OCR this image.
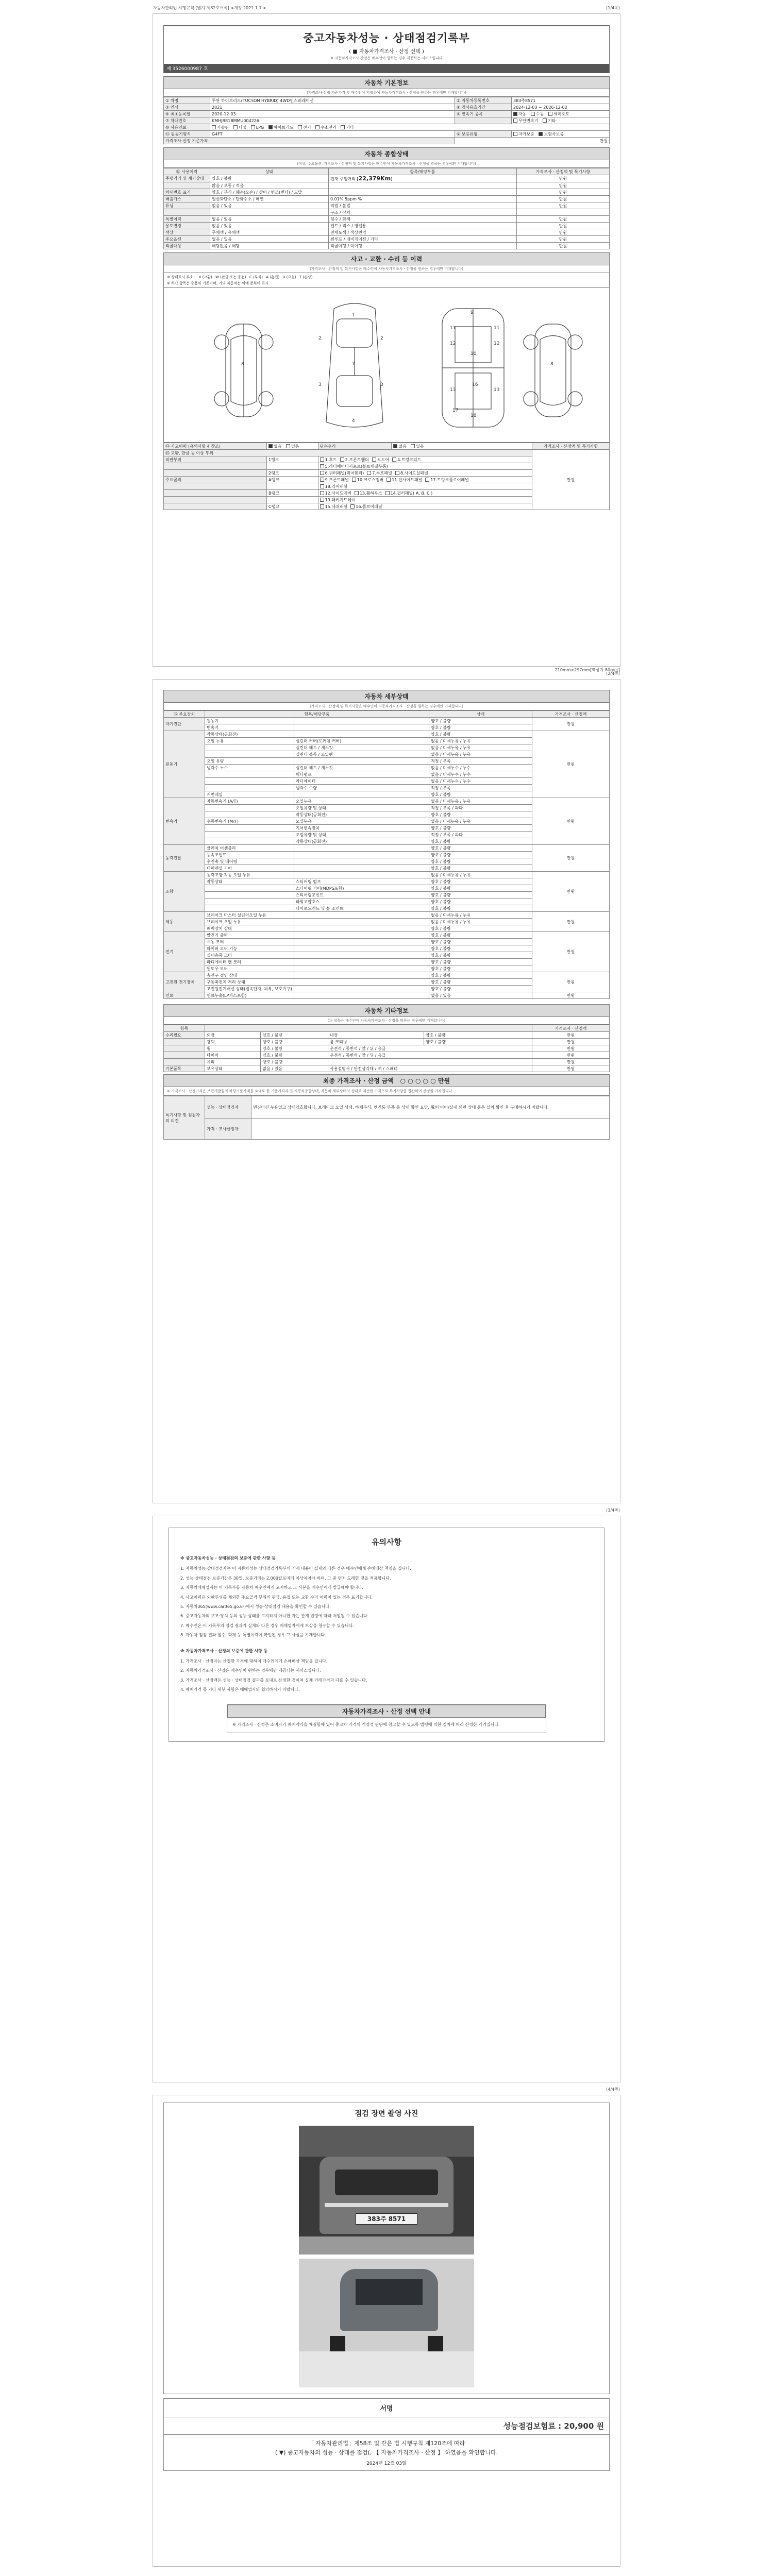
자동차관리법 시행규칙 [별지 제82호서식] <개정 2021.1.1.>	(1/4쪽)
중고자동차성능 · 상태점검기록부
( ■ 자동차가격조사 · 산정 선택 )
※ 자동차가격조사·산정은 매수인이 원하는 경우 제공하는 서비스입니다
제 3526000987 호
자동차 기본정보
(가격조사·산정 가준가격 및 매수인이 지정하여 자동차가격조사 · 산정을 원하는 경우에만 기재합니다)
① 차명	투싼 하이브리드(TUCSON HYBRID) 4WD인스퍼레이션	② 자동차등록번호	383주8571
③ 연식	2021	④ 검사유효기간	2024-12-03 ~ 2026-12-02
⑤ 최초등록일	2020-12-03	⑥ 변속기 종류	자동 수동 세미오토
⑦ 차대번호	KMHJB81BMMU004226		무단변속기 기타
⑩ 사용연료	가솔린 디젤 LPG 하이브리드 전기 수소전기 기타		
⑪ 원동기형식	G4FT	⑨ 보증유형	자가보증 보험사보증
가격조사·산정 기준가격		만원	
자동차 종합상태
(색상, 주요옵션, 가격조사 · 산정액 및 특기사항은 매수인이 자동차가격조사 · 산정을 원하는 경우에만 기재합니다)
⑫ 사용이력	상태	항목/해당부품	가격조사 · 산정액 및 특기사항
주행거리 및 계기상태	양호 / 불량	현재 주행거리 [22,379Km]	만원
	많음 / 보통 / 적음		만원
차대번호 표기	양호 / 부식 / 훼손(오손) / 상이 / 변조(변타) / 도말		만원
배출가스	일산화탄소 / 탄화수소 / 매연	0.01% 5ppm %	만원
튜닝	없음 / 있음	적법 / 불법	만원
		구조 / 장치	
특별이력	없음 / 있음	침수 / 화재	만원
용도변경	없음 / 있음	렌트 / 리스 / 영업용	만원
색상	무채색 / 유채색	전체도색 / 색상변경	만원
주요옵션	없음 / 있음	썬루프 / 네비게이션 / 기타	만원
리콜대상	해당없음 / 해당	리콜이행 / 미이행	만원
사고 · 교환 · 수리 등 이력
(가격조사 · 산정액 및 특기사항은 매수인이 자동차가격조사 · 산정을 원하는 경우에만 기재합니다)
※ 상태표시 부호 : X (교환) W (판금 또는 용접) C (부식) A (흠집) U (요철) T (손상)
※ 하단 항목은 승용차 기준이며, 기타 자동차는 이에 준하여 표시
1
2	2
3	3
7
4
8	8
9
11	11
12	12
10
16
13	13
18
17
⑭ 사고이력 (유의사항 4 참조)	없음 있음	단순수리	없음 있음	가격조사 · 산정액 및 특기사항
⑮ 교환, 판금 등 이상 부위				만원
외판부위	1랭크	1.후드 2.프론트휀더 3.도어 4.트렁크리드		
		5.라디에이터서포트(볼트체결부품)		
	2랭크	6.쿼터패널(리어휀더) 7.루프패널 8.사이드실패널		
주요골격	A랭크	9.프론트패널 10.크로스멤버 11.인사이드패널 17.트렁크플로어패널		
		18.리어패널		
	B랭크	12.사이드멤버 13.휠하우스 14.필러패널( A, B, C )		
		19.패키지트레이		
	C랭크	15.대쉬패널 16.플로어패널		
210mm×297mm[백상지 80g/㎡]
(2/4쪽)
자동차 세부상태
(가격조사 · 산정액 및 특기사항은 매수인이 자동차가격조사 · 산정을 원하는 경우에만 기재합니다)
⑯ 주요장치	항목/해당부품		상태	가격조사 · 산정액
자기진단	원동기		양호 / 불량	만원
	변속기		양호 / 불량	
원동기	작동상태(공회전)		양호 / 불량	만원
	오일 누유	실린더 커버(로커암 커버)	없음 / 미세누유 / 누유	
		실린더 헤드 / 개스킷	없음 / 미세누유 / 누유	
		실린더 블록 / 오일팬	없음 / 미세누유 / 누유	
	오일 유량		적정 / 부족	
	냉각수 누수	실린더 헤드 / 개스킷	없음 / 미세누수 / 누수	
		워터펌프	없음 / 미세누수 / 누수	
		라디에이터	없음 / 미세누수 / 누수	
		냉각수 수량	적정 / 부족	
	커먼레일		양호 / 불량	
변속기	자동변속기 (A/T)	오일누유	없음 / 미세누유 / 누유	만원
		오일유량 및 상태	적정 / 부족 / 과다	
		작동상태(공회전)	양호 / 불량	
	수동변속기 (M/T)	오일누유	없음 / 미세누유 / 누유	
		기어변속장치	양호 / 불량	
		오일유량 및 상태	적정 / 부족 / 과다	
		작동상태(공회전)	양호 / 불량	
동력전달	클러치 어셈블리		양호 / 불량	만원
	등속조인트		양호 / 불량	
	추진축 및 베어링		양호 / 불량	
	디퍼렌셜 기어		양호 / 불량	
조향	동력조향 작동 오일 누유		없음 / 미세누유 / 누유	만원
	작동상태	스티어링 펌프	양호 / 불량	
		스티어링 기어(MDPS포함)	양호 / 불량	
		스티어링조인트	양호 / 불량	
		파워고압호스	양호 / 불량	
		타이로드엔드 및 볼 조인트	양호 / 불량	
제동	브레이크 마스터 실린더오일 누유		없음 / 미세누유 / 누유	만원
	브레이크 오일 누유		없음 / 미세누유 / 누유	
	배력장치 상태		양호 / 불량	
전기	발전기 출력		양호 / 불량	만원
	시동 모터		양호 / 불량	
	와이퍼 모터 기능		양호 / 불량	
	실내송풍 모터		양호 / 불량	
	라디에이터 팬 모터		양호 / 불량	
	윈도우 모터		양호 / 불량	
고전원 전기장치	충전구 절연 상태		양호 / 불량	만원
	구동축전지 격리 상태		양호 / 불량	
	고전원전기배선 상태(접속단자, 피복, 보호기구)		양호 / 불량	
연료	연료누출(LP가스포함)		없음 / 있음	만원
자동차 기타정보
(⑱ 항목은 매수인이 자동차가격조사 · 산정을 원하는 경우에만 기재합니다)
항목					가격조사 · 산정액
수리필요	외장	양호 / 불량	내장	양호 / 불량	만원
	광택	양호 / 불량	룸 크리닝	양호 / 불량	만원
	휠	양호 / 불량	운전석 / 동반석 / 앞 / 뒤 / 응급		만원
	타이어	양호 / 불량	운전석 / 동반석 / 앞 / 뒤 / 응급		만원
	유리	양호 / 불량			만원
기본품목	보유상태	없음 / 있음	사용설명서 / 안전삼각대 / 잭 / 스패너		만원
최종 가격조사 · 산정 금액 ○ ○ ○ ○ ○ 만원
※ 가격조사 · 산정가격은 보험개발원의 차량기준가액을 토대로 한 기준가격과 ⑬ 자동차종합상태, 자동차 세부상태의 상태로 계산한 가격으로 특기사항을 합산하여 산정한 가격입니다.
특기사항 및 점검자의 의견	성능 · 상태점검자	엔진미션 누유없고 상태양호합니다. 브레이크 오일 상태, 하체부식, 엔진룸 부품 등 상세 확인 요망. 휠/타이어/실내 외관 상태 등은 실차 확인 후 구매하시기 바랍니다.
	가격 · 조사산정자	
(3/4쪽)
유의사항
※ 중고자동차성능 · 상태점검의 보증에 관한 사항 등
1. 자동차성능·상태점검자는 이 자동차성능·상태점검기록부의 기재 내용이 실제와 다른 경우 매수인에게 손해배상 책임을 집니다.
2. 성능·상태점검 보증기간은 30일, 보증거리는 2,000킬로미터 이상이어야 하며, 그 중 먼저 도래한 것을 적용합니다.
3. 자동차매매업자는 이 기록부를 자동차 매수인에게 고지하고 그 사본을 매수인에게 발급해야 합니다.
4. 사고이력은 외판부위를 제외한 주요골격 부위의 판금, 용접 또는 교환 수리 이력이 있는 경우 표기합니다.
5. 자동차365(www.car365.go.kr)에서 성능·상태점검 내용을 확인할 수 있습니다.
6. 중고자동차의 구조·장치 등의 성능·상태를 고지하지 아니한 자는 관계 법령에 따라 처벌될 수 있습니다.
7. 매수인은 이 기록부의 점검 결과가 실제와 다른 경우 매매업자에게 보상을 청구할 수 있습니다.
8. 자동차 점검 결과 침수, 화재 등 특별이력이 확인된 경우 그 사실을 기재합니다.
※ 자동차가격조사 · 산정의 보증에 관한 사항 등
1. 가격조사 · 산정자는 산정한 가격에 대하여 매수인에게 손해배상 책임을 집니다.
2. 자동차가격조사 · 산정은 매수인이 원하는 경우에만 제공되는 서비스입니다.
3. 가격조사 · 산정액은 성능 · 상태점검 결과를 토대로 산정한 것이며 실제 거래가격과 다를 수 있습니다.
4. 매매가격 등 기타 세부 사항은 매매업자와 협의하시기 바랍니다.
자동차가격조사 · 산정 선택 안내
※ 가격조사 · 산정은 소비자가 매매계약을 체결함에 있어 중고차 가격의 적정성 판단에 참고할 수 있도록 법령에 의한 절차에 따라 산정한 가격입니다.
(4/4쪽)
점검 장면 촬영 사진
383주 8571
서명
성능점검보험료 : 20,900 원
「 자동차관리법」제58조 및 같은 법 시행규칙 제120조에 따라
( ▼) 중고자동차의 성능 · 상태를 점검(, 【 자동차가격조사 · 산정 】 하였음을 확인합니다.
2024년 12월 03일
